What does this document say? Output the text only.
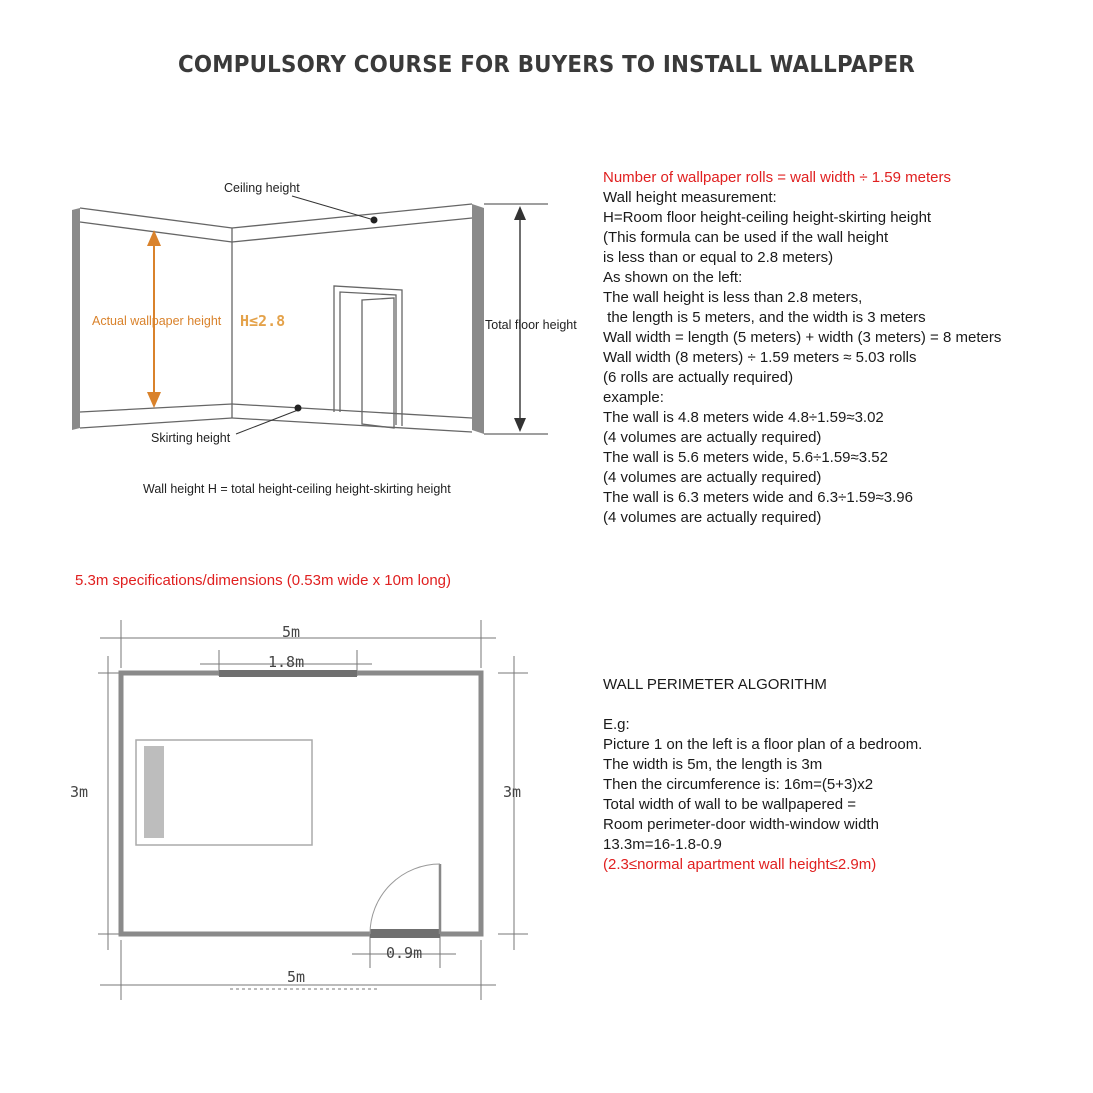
COMPULSORY COURSE FOR BUYERS TO INSTALL WALLPAPER
Ceiling height
Actual wallpaper height H≤2.8	Total floor height
Skirting height
Wall height H = total height-ceiling height-skirting height
5m
1.8m
3m	3m
0.9m
5m
Number of wallpaper rolls = wall width ÷ 1.59 meters
Wall height measurement:
H=Room floor height-ceiling height-skirting height
(This formula can be used if the wall height
is less than or equal to 2.8 meters)
As shown on the left:
The wall height is less than 2.8 meters,
the length is 5 meters, and the width is 3 meters
Wall width = length (5 meters) + width (3 meters) = 8 meters
Wall width (8 meters) ÷ 1.59 meters ≈ 5.03 rolls
(6 rolls are actually required)
example:
The wall is 4.8 meters wide 4.8÷1.59≈3.02
(4 volumes are actually required)
The wall is 5.6 meters wide, 5.6÷1.59≈3.52
(4 volumes are actually required)
The wall is 6.3 meters wide and 6.3÷1.59≈3.96
(4 volumes are actually required)
5.3m specifications/dimensions (0.53m wide x 10m long)
WALL PERIMETER ALGORITHM
E.g:
Picture 1 on the left is a floor plan of a bedroom.
The width is 5m, the length is 3m
Then the circumference is: 16m=(5+3)x2
Total width of wall to be wallpapered =
Room perimeter-door width-window width
13.3m=16-1.8-0.9
(2.3≤normal apartment wall height≤2.9m)
